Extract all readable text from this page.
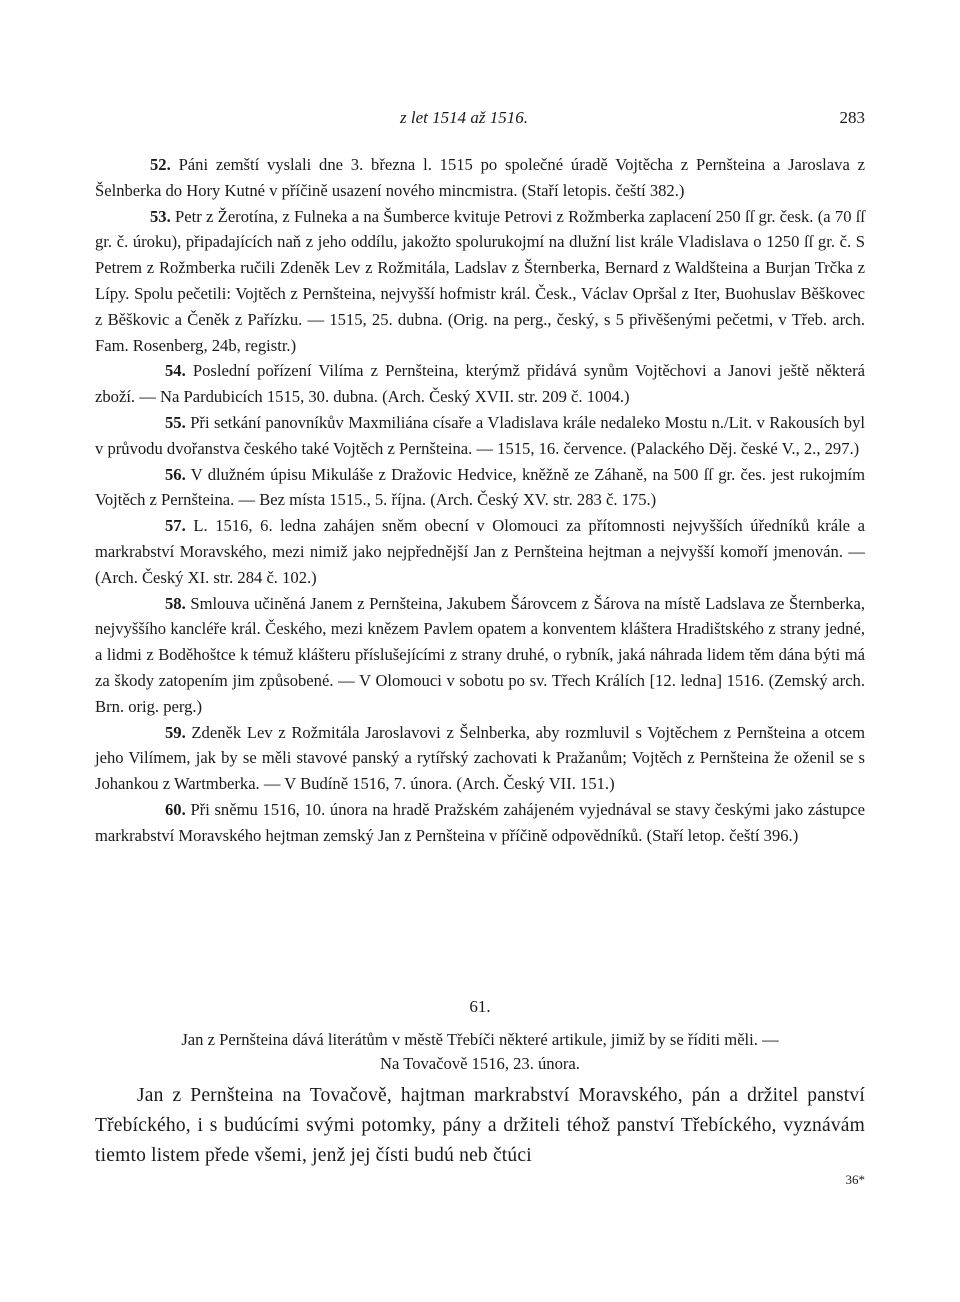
z let 1514 až 1516.	283

52. Páni zemští vyslali dne 3. března l. 1515 po společné úradě Vojtěcha z Pernšteina a Jaroslava z Šelnberka do Hory Kutné v příčině usazení nového mincmistra. (Staří letopis. čeští 382.)

53. Petr z Žerotína, z Fulneka a na Šumberce kvituje Petrovi z Rožmberka zaplacení 250 ſſ gr. česk. (a 70 ſſ gr. č. úroku), připadajících naň z jeho oddílu, jakožto spolurukojmí na dlužní list krále Vladislava o 1250 ſſ gr. č. S Petrem z Rožmberka ručili Zdeněk Lev z Rožmitála, Ladslav z Šternberka, Bernard z Waldšteina a Burjan Trčka z Lípy. Spolu pečetili: Vojtěch z Pernšteina, nejvyšší hofmistr král. Česk., Václav Opršal z Iter, Buohuslav Běškovec z Běškovic a Čeněk z Pařízku. — 1515, 25. dubna. (Orig. na perg., český, s 5 přivěšenými pečetmi, v Třeb. arch. Fam. Rosenberg, 24b, registr.)

54. Poslední pořízení Vilíma z Pernšteina, kterýmž přidává synům Vojtěchovi a Janovi ještě některá zboží. — Na Pardubicích 1515, 30. dubna. (Arch. Český XVII. str. 209 č. 1004.)

55. Při setkání panovníkův Maxmiliána císaře a Vladislava krále nedaleko Mostu n./Lit. v Rakousích byl v průvodu dvořanstva českého také Vojtěch z Pernšteina. — 1515, 16. července. (Palackého Děj. české V., 2., 297.)

56. V dlužném úpisu Mikuláše z Dražovic Hedvice, kněžně ze Záhaně, na 500 ſſ gr. čes. jest rukojmím Vojtěch z Pernšteina. — Bez místa 1515., 5. října. (Arch. Český XV. str. 283 č. 175.)

57. L. 1516, 6. ledna zahájen sněm obecní v Olomouci za přítomnosti nejvyšších úředníků krále a markrabství Moravského, mezi nimiž jako nejpřednější Jan z Pernšteina hejtman a nejvyšší komoří jmenován. — (Arch. Český XI. str. 284 č. 102.)

58. Smlouva učiněná Janem z Pernšteina, Jakubem Šárovcem z Šárova na místě Ladslava ze Šternberka, nejvyššího kancléře král. Českého, mezi knězem Pavlem opatem a konventem kláštera Hradištského z strany jedné, a lidmi z Boděhoštce k témuž klášteru příslušejícími z strany druhé, o rybník, jaká náhrada lidem těm dána býti má za škody zatopením jim způsobené. — V Olomouci v sobotu po sv. Třech Králích [12. ledna] 1516. (Zemský arch. Brn. orig. perg.)

59. Zdeněk Lev z Rožmitála Jaroslavovi z Šelnberka, aby rozmluvil s Vojtěchem z Pernšteina a otcem jeho Vilímem, jak by se měli stavové panský a rytířský zachovati k Pražanům; Vojtěch z Pernšteina že oženil se s Johankou z Wartmberka. — V Budíně 1516, 7. února. (Arch. Český VII. 151.)

60. Při sněmu 1516, 10. února na hradě Pražském zahájeném vyjednával se stavy českými jako zástupce markrabství Moravského hejtman zemský Jan z Pernšteina v příčině odpovědníků. (Staří letop. čeští 396.)

61.
Jan z Pernšteina dává literátům v městě Třebíči některé artikule, jimiž by se říditi měli. —
Na Tovačově 1516, 23. února.

Jan z Pernšteina na Tovačově, hajtman markrabství Moravského, pán a držitel panství Třebíckého, i s budúcími svými potomky, pány a držiteli téhož panství Třebíckého, vyznávám tiemto listem přede všemi, jenž jej čísti budú neb čtúci

36*
